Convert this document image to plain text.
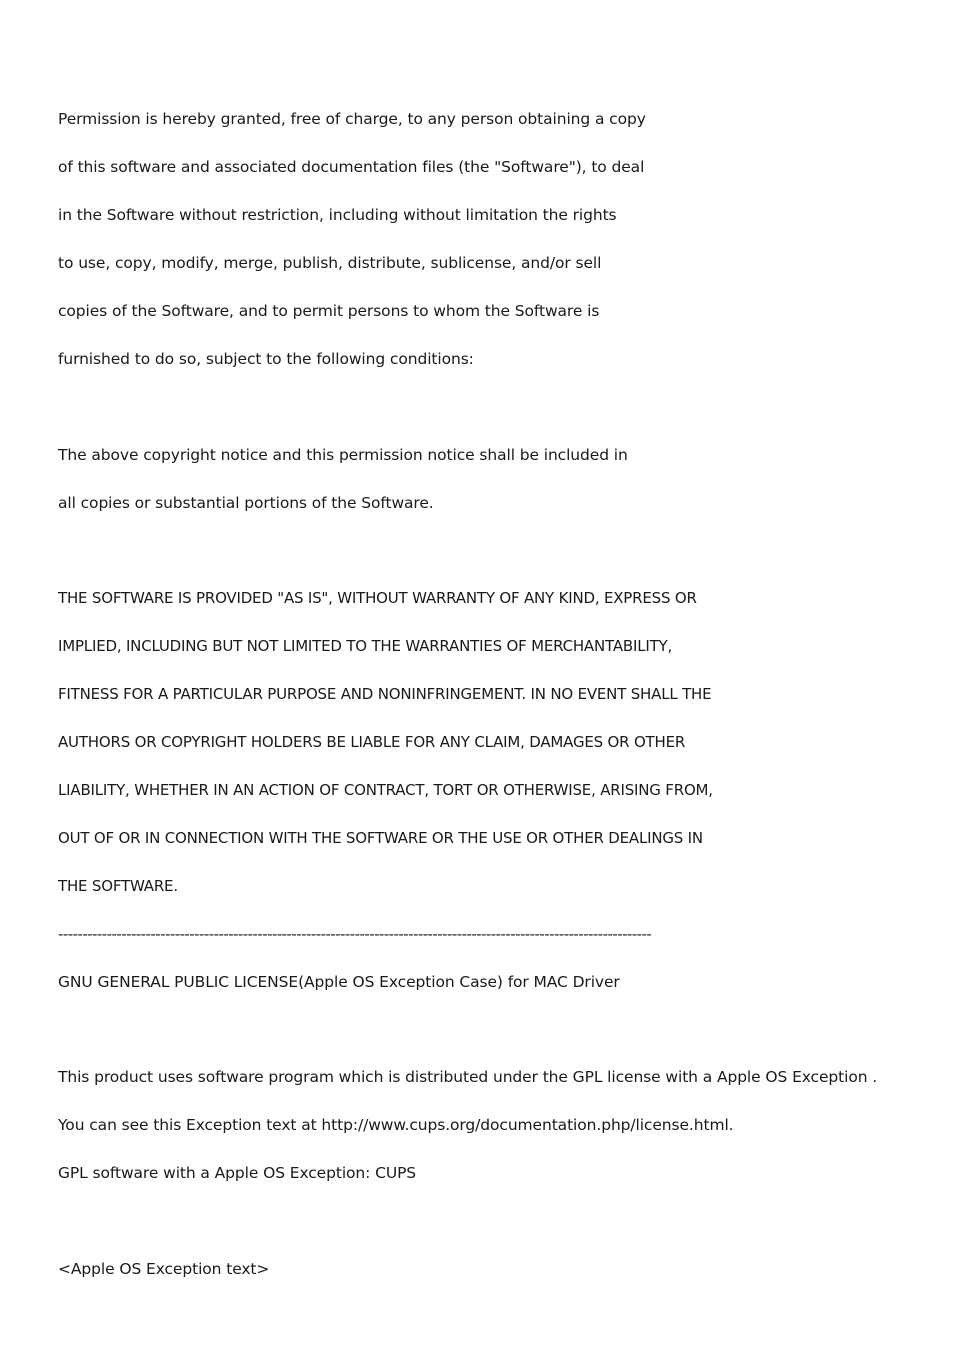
Permission is hereby granted, free of charge, to any person obtaining a copy
of this software and associated documentation files (the "Software"), to deal
in the Software without restriction, including without limitation the rights
to use, copy, modify, merge, publish, distribute, sublicense, and/or sell
copies of the Software, and to permit persons to whom the Software is
furnished to do so, subject to the following conditions:
The above copyright notice and this permission notice shall be included in
all copies or substantial portions of the Software.
THE SOFTWARE IS PROVIDED "AS IS", WITHOUT WARRANTY OF ANY KIND, EXPRESS OR
IMPLIED, INCLUDING BUT NOT LIMITED TO THE WARRANTIES OF MERCHANTABILITY,
FITNESS FOR A PARTICULAR PURPOSE AND NONINFRINGEMENT. IN NO EVENT SHALL THE
AUTHORS OR COPYRIGHT HOLDERS BE LIABLE FOR ANY CLAIM, DAMAGES OR OTHER
LIABILITY, WHETHER IN AN ACTION OF CONTRACT, TORT OR OTHERWISE, ARISING FROM,
OUT OF OR IN CONNECTION WITH THE SOFTWARE OR THE USE OR OTHER DEALINGS IN
THE SOFTWARE.
--------------------------------------------------------------------------------------------------------------------------
GNU GENERAL PUBLIC LICENSE(Apple OS Exception Case) for MAC Driver
This product uses software program which is distributed under the GPL license with a Apple OS Exception .
You can see this Exception text at http://www.cups.org/documentation.php/license.html.
GPL software with a Apple OS Exception: CUPS
<Apple OS Exception text>
